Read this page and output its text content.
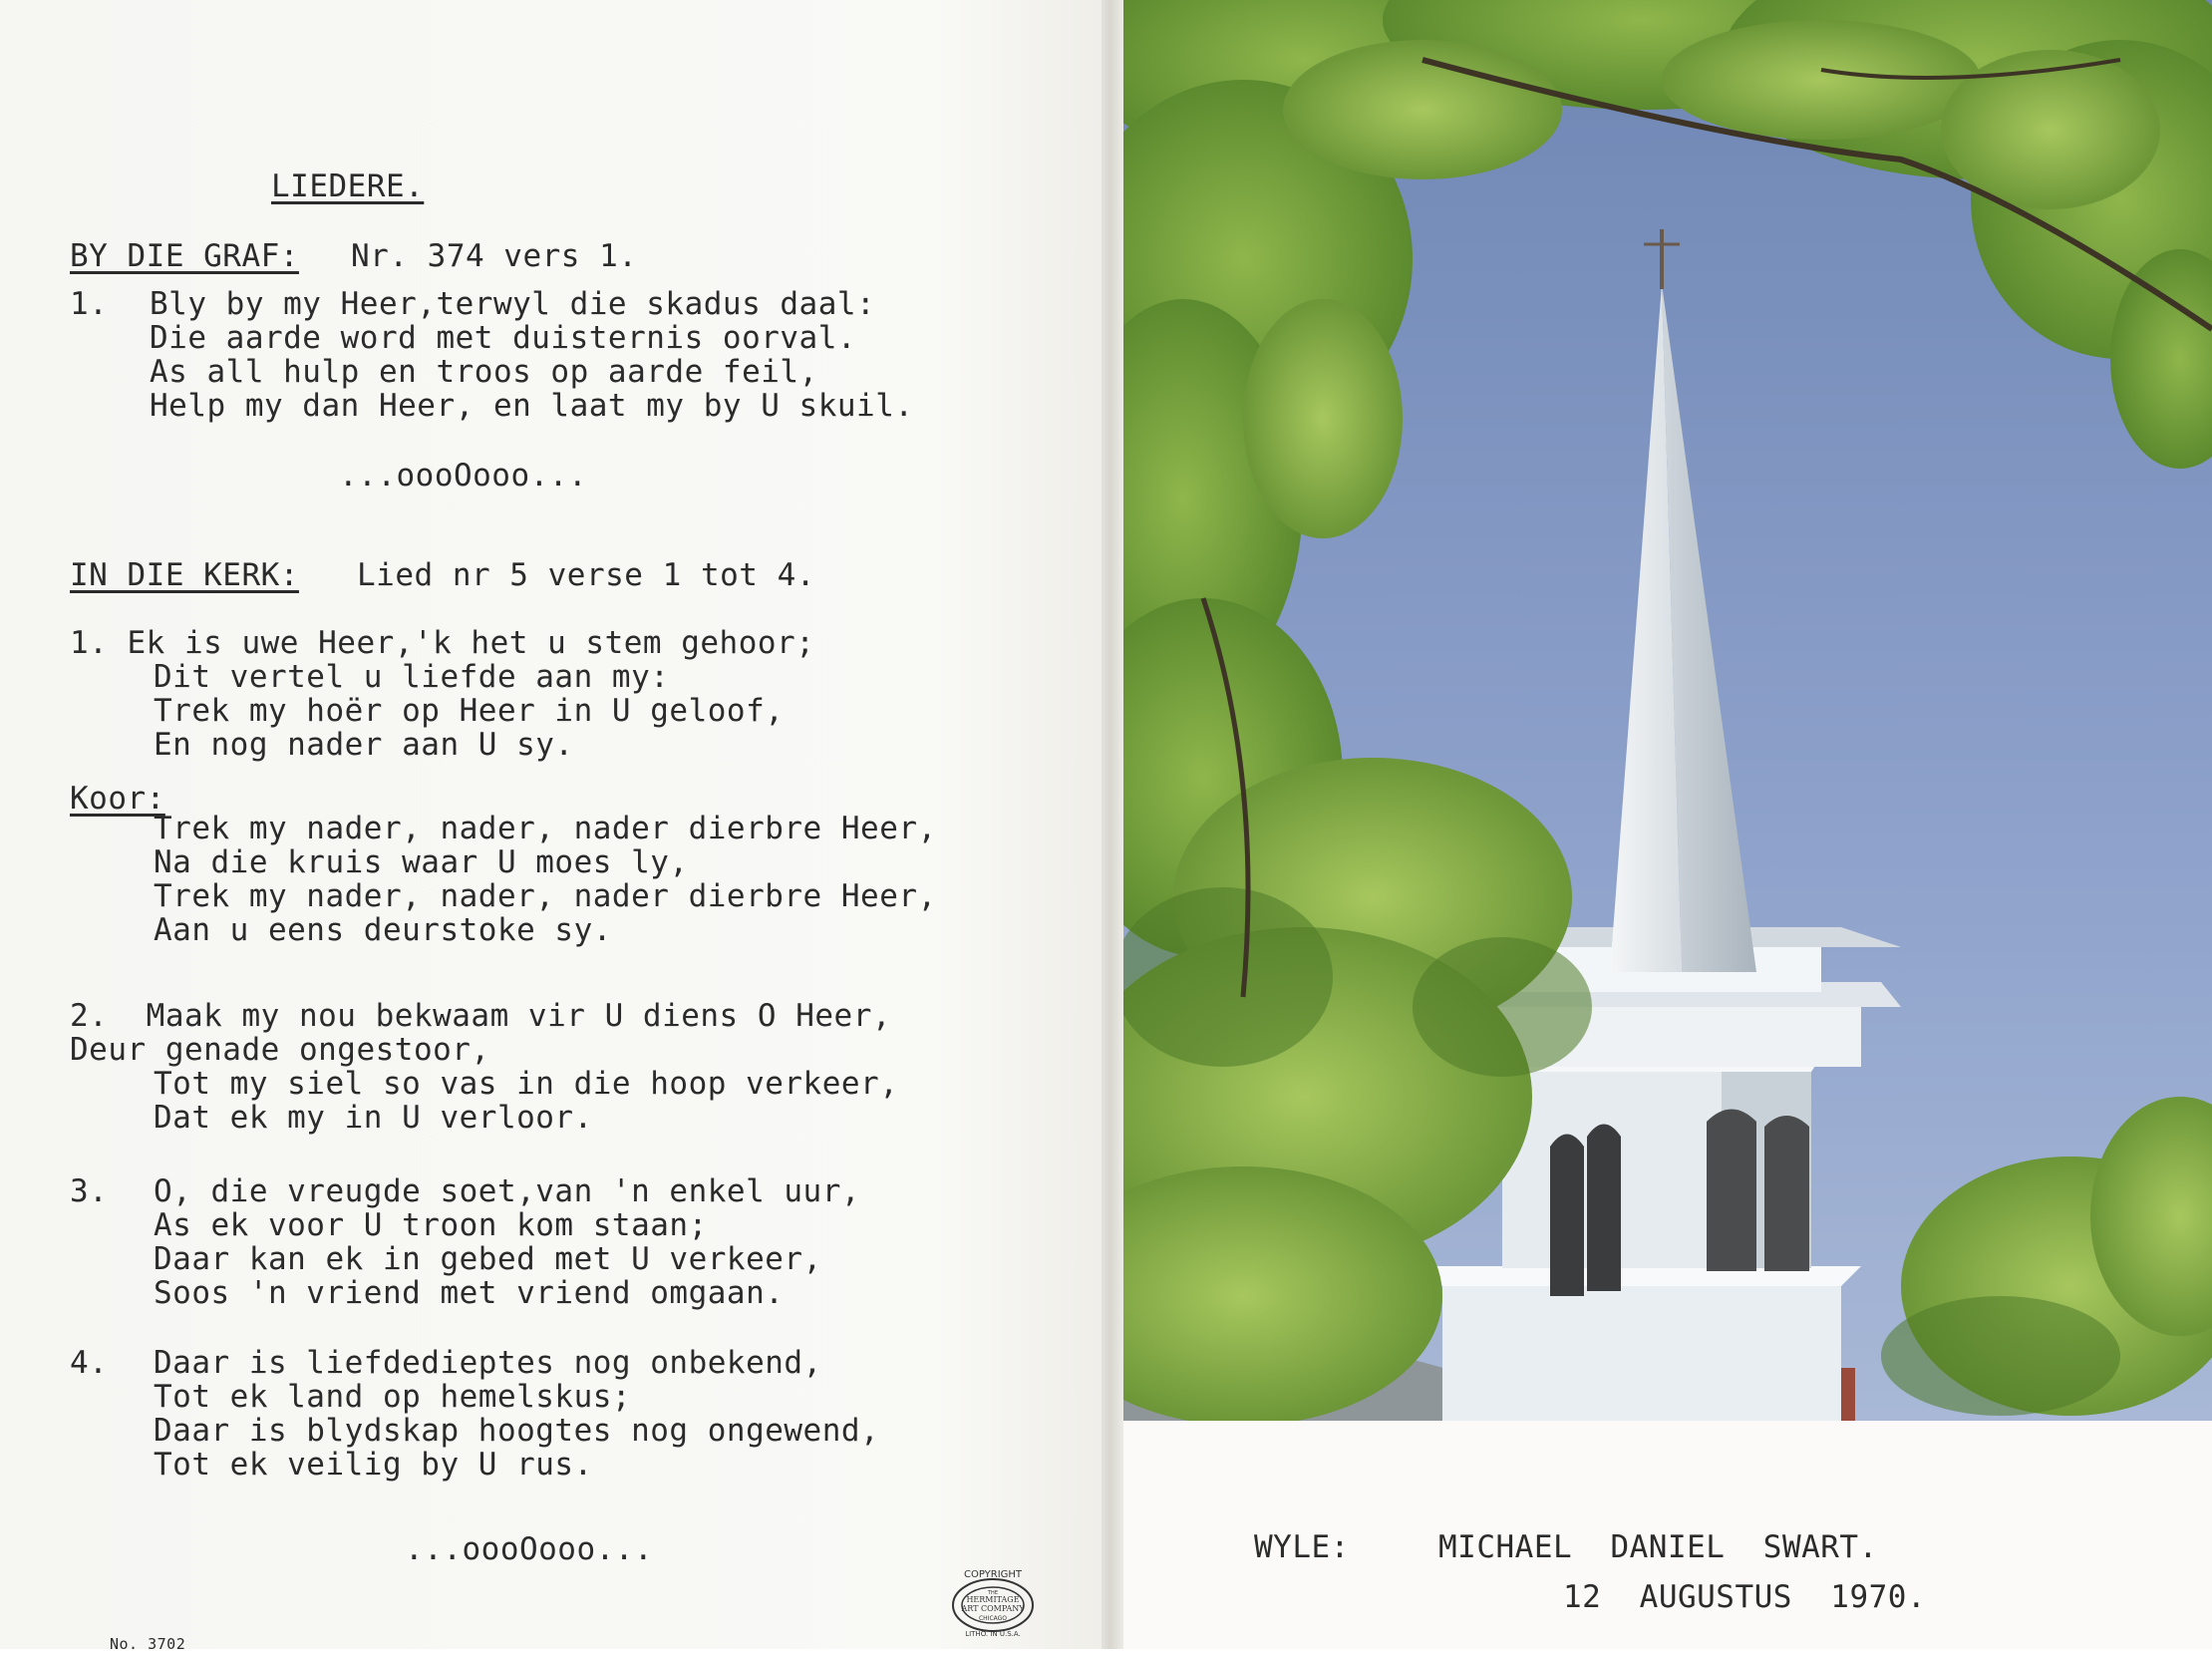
LIEDERE.
BY DIE GRAF: Nr. 374 vers 1.
1. Bly by my Heer,terwyl die skadus daal:
Die aarde word met duisternis oorval.
As all hulp en troos op aarde feil,
Help my dan Heer, en laat my by U skuil.
...oooOooo...
IN DIE KERK: Lied nr 5 verse 1 tot 4.
1. Ek is uwe Heer,'k het u stem gehoor;
Dit vertel u liefde aan my:
Trek my hoër op Heer in U geloof,
En nog nader aan U sy.
Koor:
Trek my nader, nader, nader dierbre Heer,
Na die kruis waar U moes ly,
Trek my nader, nader, nader dierbre Heer,
Aan u eens deurstoke sy.
2.  Maak my nou bekwaam vir U diens O Heer,
Deur genade ongestoor,
Tot my siel so vas in die hoop verkeer,
Dat ek my in U verloor.
3. O, die vreugde soet,van 'n enkel uur,
As ek voor U troon kom staan;
Daar kan ek in gebed met U verkeer,
Soos 'n vriend met vriend omgaan.
4. Daar is liefdedieptes nog onbekend,
Tot ek land op hemelskus;
Daar is blydskap hoogtes nog ongewend,
Tot ek veilig by U rus.
...oooOooo...
No. 3702
COPYRIGHT
THE
HERMITAGE
ART COMPANY
CHICAGO
LITHO. IN U.S.A.
WYLE:	MICHAEL  DANIEL  SWART.
12  AUGUSTUS  1970.
